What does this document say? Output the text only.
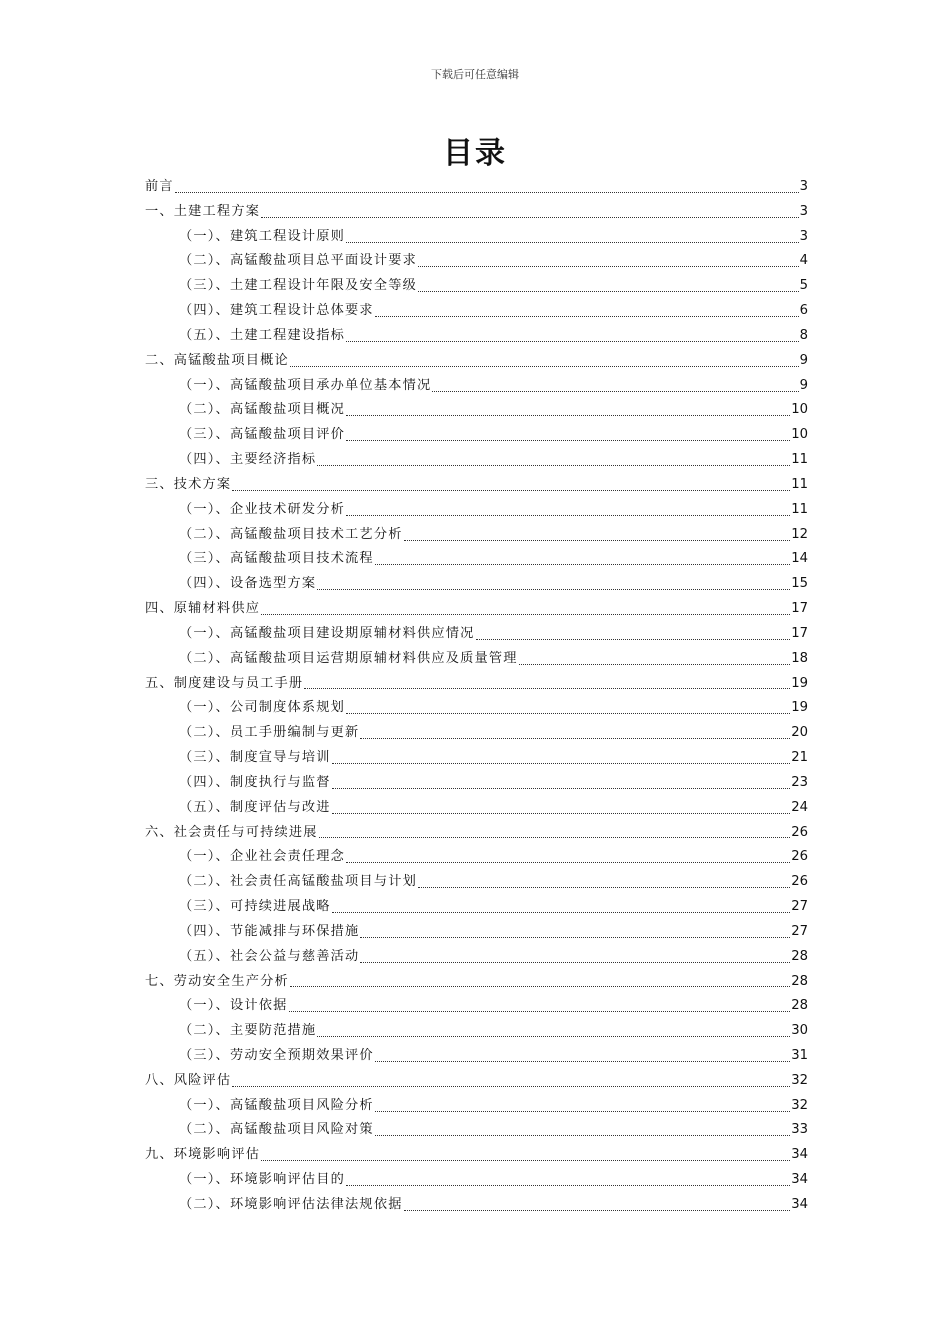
下载后可任意编辑
目录
前言	3
一、土建工程方案	3
（一）、建筑工程设计原则	3
（二）、高锰酸盐项目总平面设计要求	4
（三）、土建工程设计年限及安全等级	5
（四）、建筑工程设计总体要求	6
（五）、土建工程建设指标	8
二、高锰酸盐项目概论	9
（一）、高锰酸盐项目承办单位基本情况	9
（二）、高锰酸盐项目概况	10
（三）、高锰酸盐项目评价	10
（四）、主要经济指标	11
三、技术方案	11
（一）、企业技术研发分析	11
（二）、高锰酸盐项目技术工艺分析	12
（三）、高锰酸盐项目技术流程	14
（四）、设备选型方案	15
四、原辅材料供应	17
（一）、高锰酸盐项目建设期原辅材料供应情况	17
（二）、高锰酸盐项目运营期原辅材料供应及质量管理	18
五、制度建设与员工手册	19
（一）、公司制度体系规划	19
（二）、员工手册编制与更新	20
（三）、制度宣导与培训	21
（四）、制度执行与监督	23
（五）、制度评估与改进	24
六、社会责任与可持续进展	26
（一）、企业社会责任理念	26
（二）、社会责任高锰酸盐项目与计划	26
（三）、可持续进展战略	27
（四）、节能减排与环保措施	27
（五）、社会公益与慈善活动	28
七、劳动安全生产分析	28
（一）、设计依据	28
（二）、主要防范措施	30
（三）、劳动安全预期效果评价	31
八、风险评估	32
（一）、高锰酸盐项目风险分析	32
（二）、高锰酸盐项目风险对策	33
九、环境影响评估	34
（一）、环境影响评估目的	34
（二）、环境影响评估法律法规依据	34
